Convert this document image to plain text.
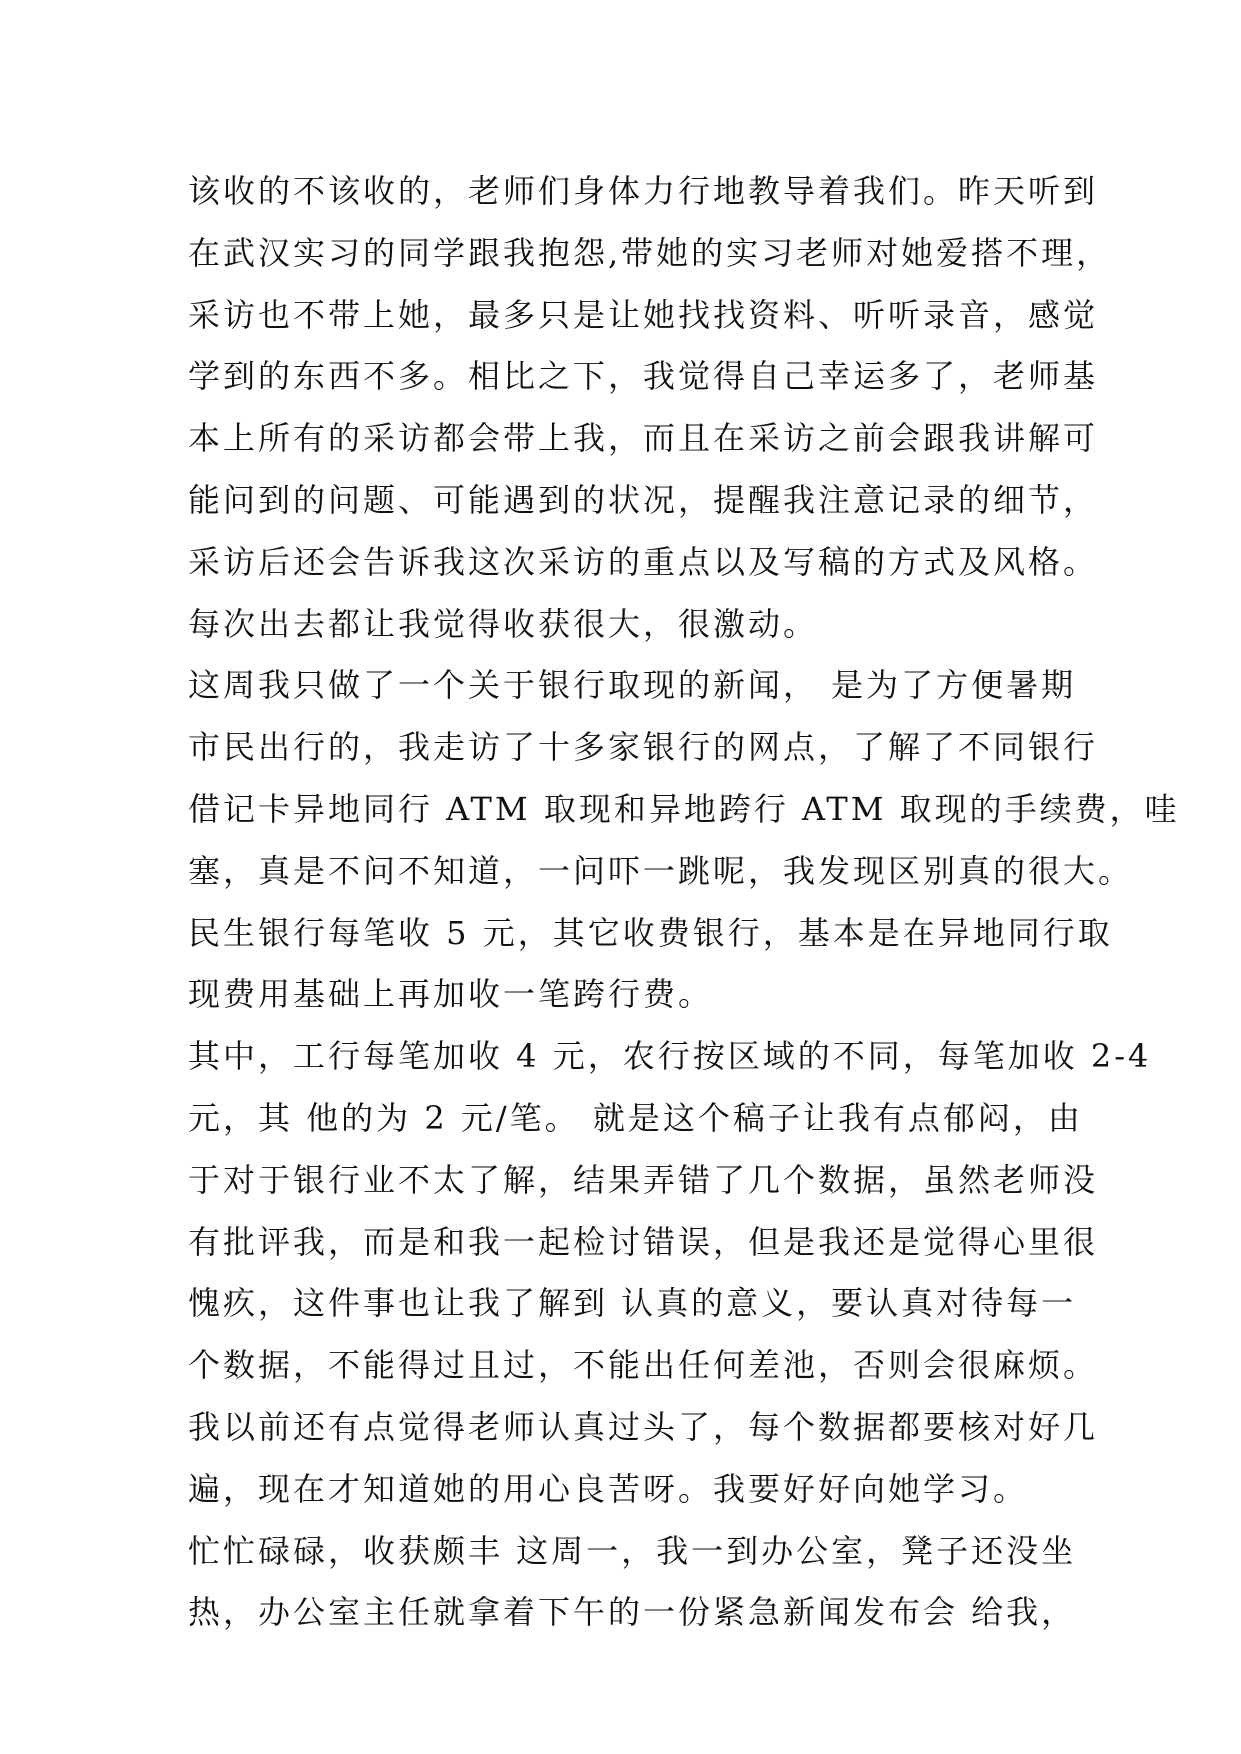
该收的不该收的，老师们身体力行地教导着我们。昨天听到
在武汉实习的同学跟我抱怨,带她的实习老师对她爱搭不理，
采访也不带上她，最多只是让她找找资料、听听录音，感觉
学到的东西不多。相比之下，我觉得自己幸运多了，老师基
本上所有的采访都会带上我，而且在采访之前会跟我讲解可
能问到的问题、可能遇到的状况，提醒我注意记录的细节，
采访后还会告诉我这次采访的重点以及写稿的方式及风格。
每次出去都让我觉得收获很大，很激动。
这周我只做了一个关于银行取现的新闻， 是为了方便暑期
市民出行的，我走访了十多家银行的网点，了解了不同银行
借记卡异地同行 ATM 取现和异地跨行 ATM 取现的手续费，哇
塞，真是不问不知道，一问吓一跳呢，我发现区别真的很大。
民生银行每笔收 5 元，其它收费银行，基本是在异地同行取
现费用基础上再加收一笔跨行费。
其中，工行每笔加收 4 元，农行按区域的不同，每笔加收 2-4
元，其 他的为 2 元/笔。 就是这个稿子让我有点郁闷，由
于对于银行业不太了解，结果弄错了几个数据，虽然老师没
有批评我，而是和我一起检讨错误，但是我还是觉得心里很
愧疚，这件事也让我了解到 认真的意义，要认真对待每一
个数据，不能得过且过，不能出任何差池，否则会很麻烦。
我以前还有点觉得老师认真过头了，每个数据都要核对好几
遍，现在才知道她的用心良苦呀。我要好好向她学习。
忙忙碌碌，收获颇丰 这周一，我一到办公室，凳子还没坐
热，办公室主任就拿着下午的一份紧急新闻发布会 给我，
